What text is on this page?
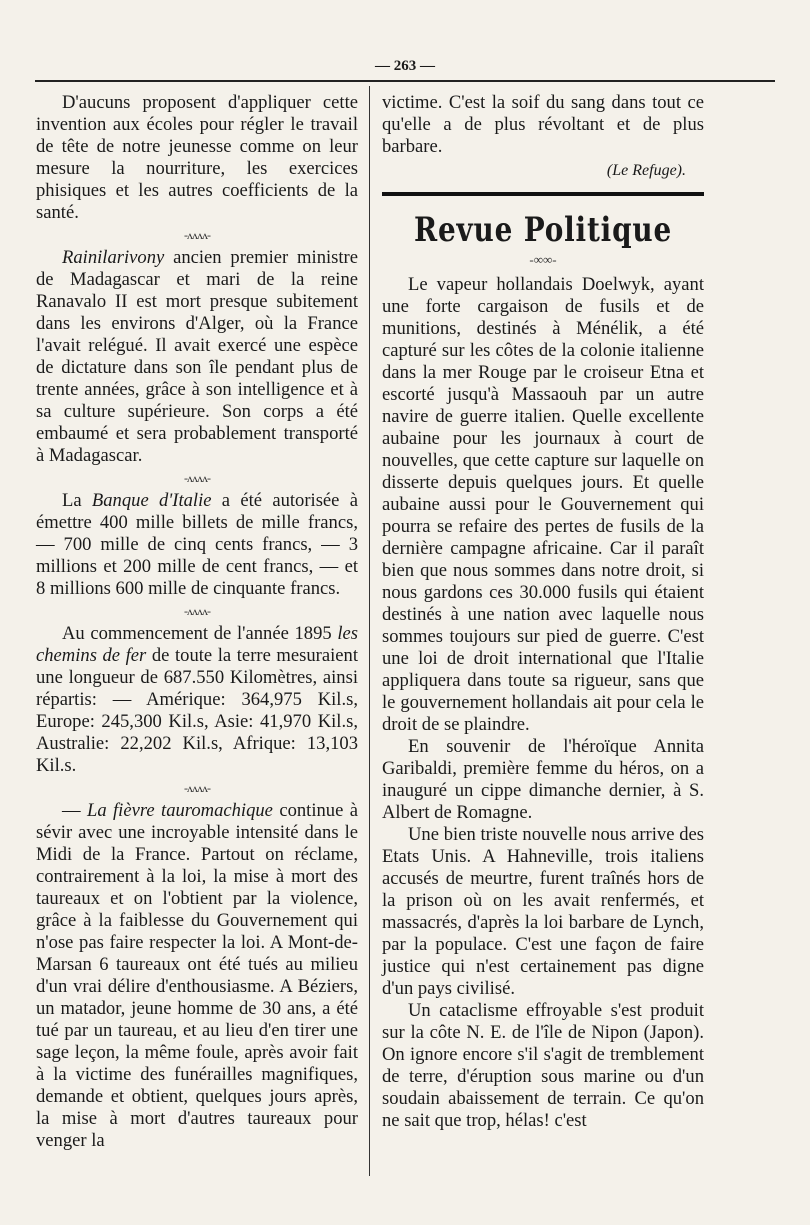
— 263 —

D'aucuns proposent d'appliquer cette invention aux écoles pour régler le travail de tête de notre jeunesse comme on leur mesure la nourriture, les exercices phisiques et les autres coefficients de la santé.

-ʌʌʌʌ-

Rainilarivony ancien premier ministre de Madagascar et mari de la reine Ranavalo II est mort presque subitement dans les environs d'Alger, où la France l'avait relégué. Il avait exercé une espèce de dictature dans son île pendant plus de trente années, grâce à son intelligence et à sa culture supérieure. Son corps a été embaumé et sera probablement transporté à Madagascar.

-ʌʌʌʌ-

La Banque d'Italie a été autorisée à émettre 400 mille billets de mille francs, — 700 mille de cinq cents francs, — 3 millions et 200 mille de cent francs, — et 8 millions 600 mille de cinquante francs.

-ʌʌʌʌ-

Au commencement de l'année 1895 les chemins de fer de toute la terre mesuraient une longueur de 687.550 Kilomètres, ainsi répartis: — Amérique: 364,975 Kil.s, Europe: 245,300 Kil.s, Asie: 41,970 Kil.s, Australie: 22,202 Kil.s, Afrique: 13,103 Kil.s.

-ʌʌʌʌ-

— La fièvre tauromachique continue à sévir avec une incroyable intensité dans le Midi de la France. Partout on réclame, contrairement à la loi, la mise à mort des taureaux et on l'obtient par la violence, grâce à la faiblesse du Gouvernement qui n'ose pas faire respecter la loi. A Mont-de-Marsan 6 taureaux ont été tués au milieu d'un vrai délire d'enthousiasme. A Béziers, un matador, jeune homme de 30 ans, a été tué par un taureau, et au lieu d'en tirer une sage leçon, la même foule, après avoir fait à la victime des funérailles magnifiques, demande et obtient, quelques jours après, la mise à mort d'autres taureaux pour venger la

victime. C'est la soif du sang dans tout ce qu'elle a de plus révoltant et de plus barbare.

(Le Refuge).
Revue Politique
-∞∞-

Le vapeur hollandais Doelwyk, ayant une forte cargaison de fusils et de munitions, destinés à Ménélik, a été capturé sur les côtes de la colonie italienne dans la mer Rouge par le croiseur Etna et escorté jusqu'à Massaouh par un autre navire de guerre italien. Quelle excellente aubaine pour les journaux à court de nouvelles, que cette capture sur laquelle on disserte depuis quelques jours. Et quelle aubaine aussi pour le Gouvernement qui pourra se refaire des pertes de fusils de la dernière campagne africaine. Car il paraît bien que nous sommes dans notre droit, si nous gardons ces 30.000 fusils qui étaient destinés à une nation avec laquelle nous sommes toujours sur pied de guerre. C'est une loi de droit international que l'Italie appliquera dans toute sa rigueur, sans que le gouvernement hollandais ait pour cela le droit de se plaindre.

En souvenir de l'héroïque Annita Garibaldi, première femme du héros, on a inauguré un cippe dimanche dernier, à S. Albert de Romagne.

Une bien triste nouvelle nous arrive des Etats Unis. A Hahneville, trois italiens accusés de meurtre, furent traînés hors de la prison où on les avait renfermés, et massacrés, d'après la loi barbare de Lynch, par la populace. C'est une façon de faire justice qui n'est certainement pas digne d'un pays civilisé.

Un cataclisme effroyable s'est produit sur la côte N. E. de l'île de Nipon (Japon). On ignore encore s'il s'agit de tremblement de terre, d'éruption sous marine ou d'un soudain abaissement de terrain. Ce qu'on ne sait que trop, hélas! c'est
